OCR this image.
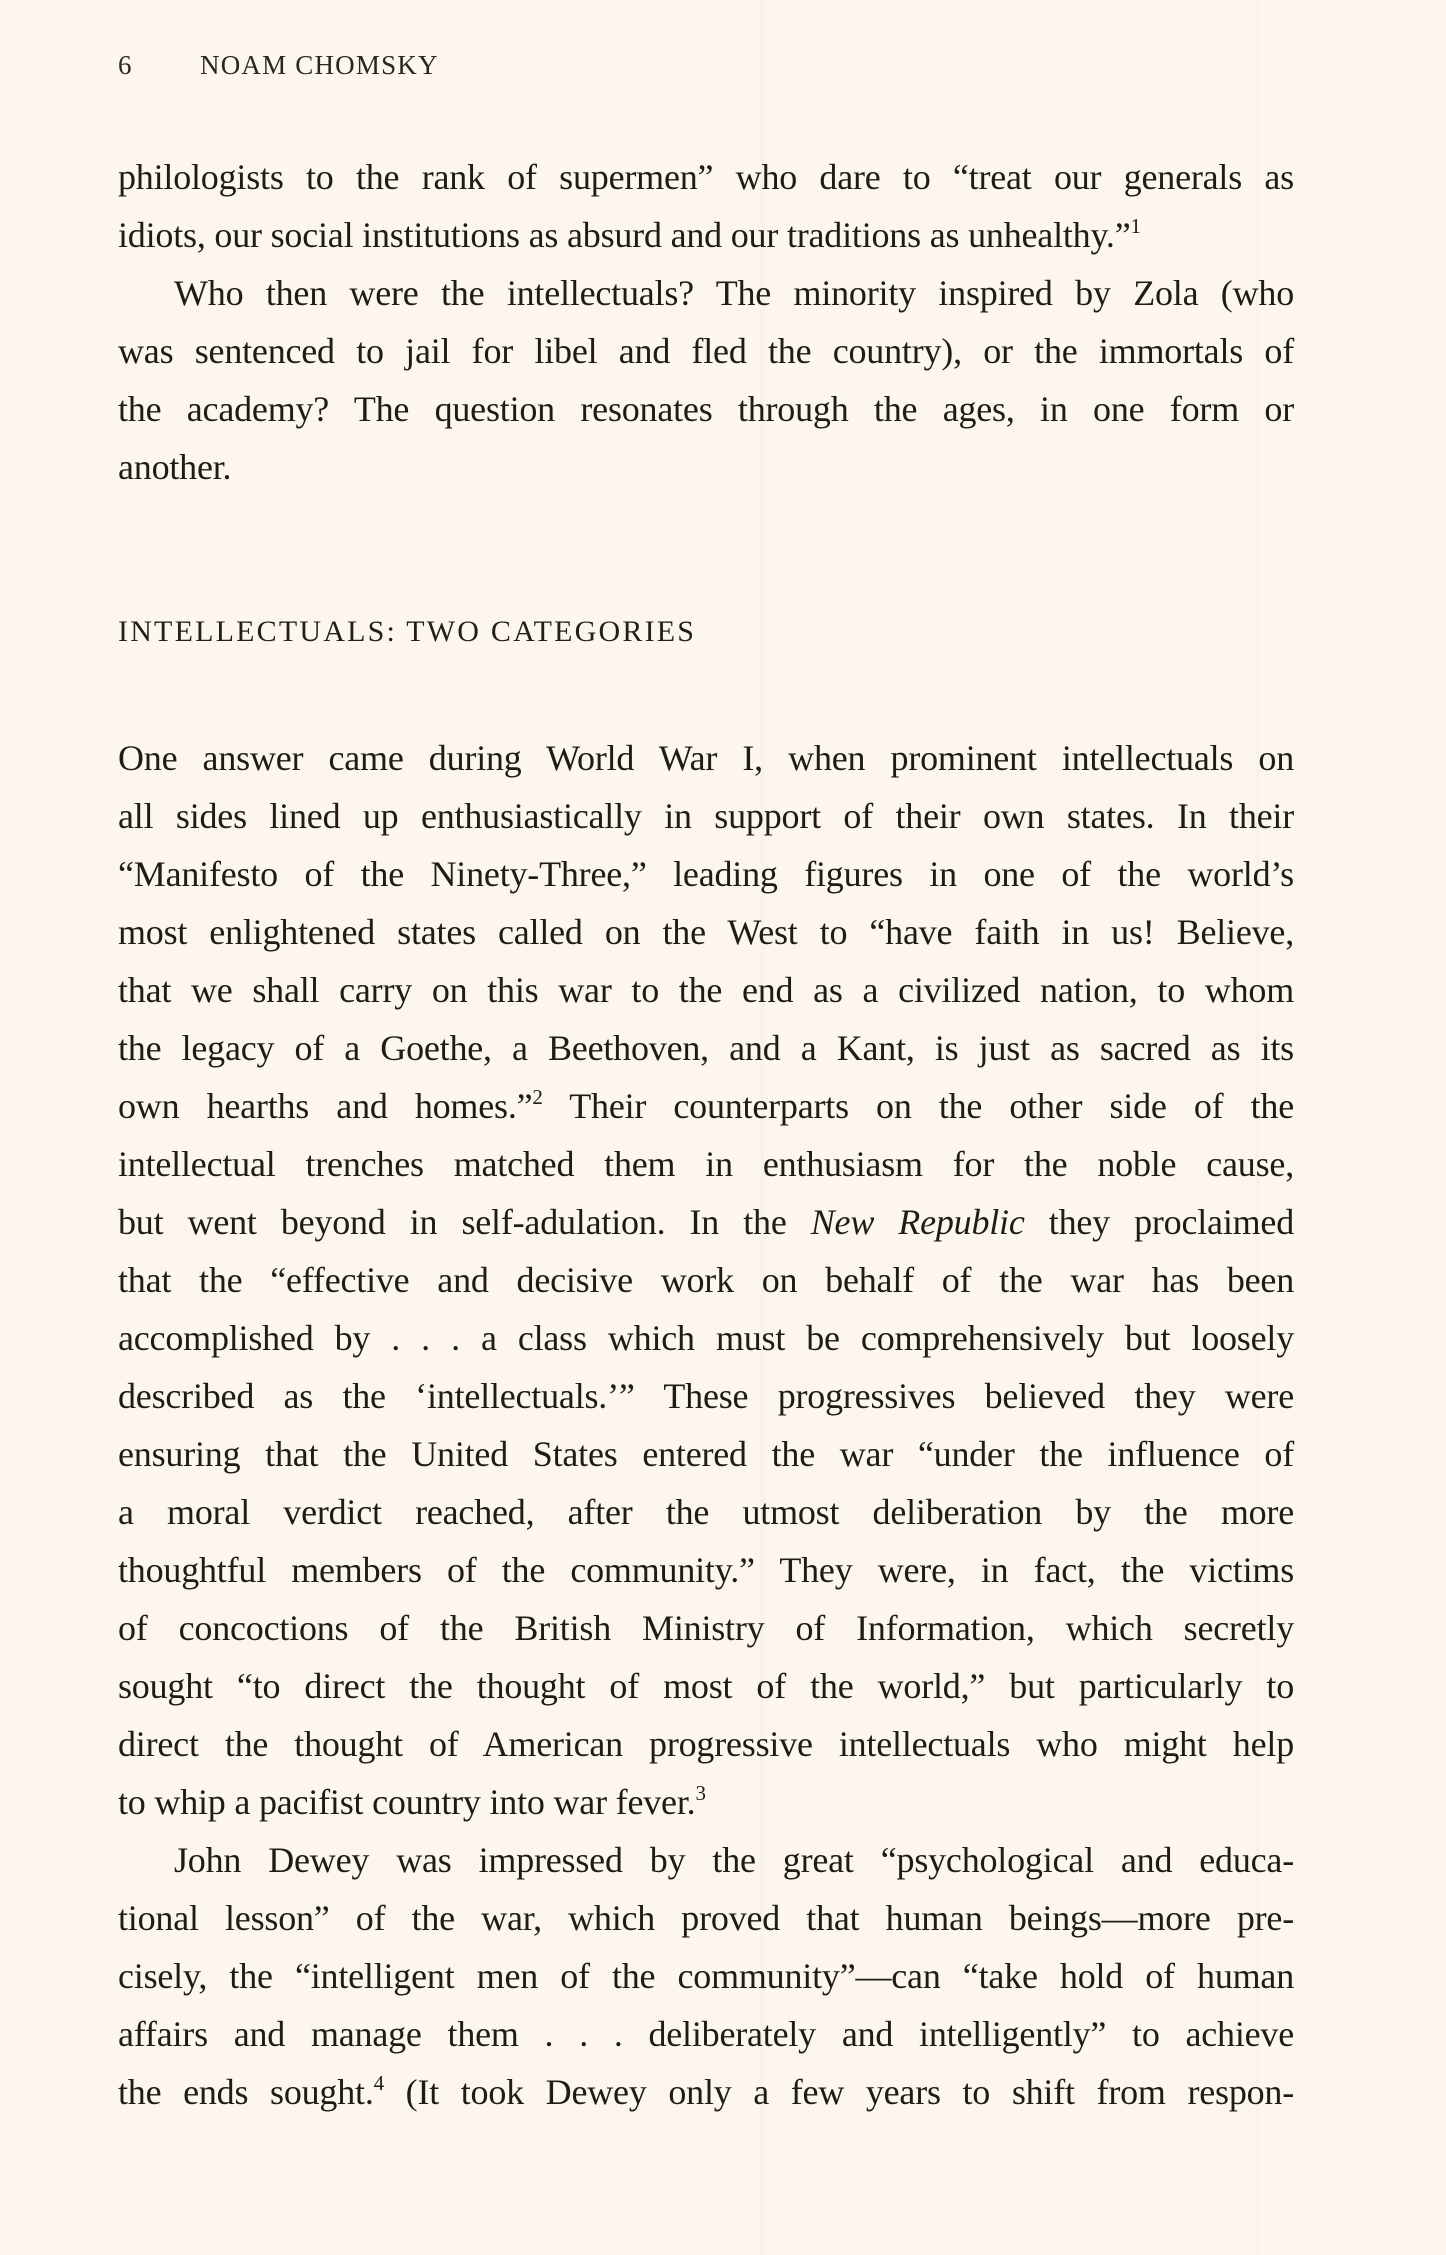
6	NOAM CHOMSKY
philologists to the rank of supermen” who dare to “treat our generals as
idiots, our social institutions as absurd and our traditions as unhealthy.”$^1$
Who then were the intellectuals? The minority inspired by Zola (who
was sentenced to jail for libel and fled the country), or the immortals of
the academy? The question resonates through the ages, in one form or
another.
INTELLECTUALS: TWO CATEGORIES
One answer came during World War I, when prominent intellectuals on
all sides lined up enthusiastically in support of their own states. In their
“Manifesto of the Ninety-Three,” leading figures in one of the world’s
most enlightened states called on the West to “have faith in us! Believe,
that we shall carry on this war to the end as a civilized nation, to whom
the legacy of a Goethe, a Beethoven, and a Kant, is just as sacred as its
own hearths and homes.”$^2$ Their counterparts on the other side of the
intellectual trenches matched them in enthusiasm for the noble cause,
but went beyond in self-adulation. In the New Republic they proclaimed
that the “effective and decisive work on behalf of the war has been
accomplished by . . . a class which must be comprehensively but loosely
described as the ‘intellectuals.’” These progressives believed they were
ensuring that the United States entered the war “under the influence of
a moral verdict reached, after the utmost deliberation by the more
thoughtful members of the community.” They were, in fact, the victims
of concoctions of the British Ministry of Information, which secretly
sought “to direct the thought of most of the world,” but particularly to
direct the thought of American progressive intellectuals who might help
to whip a pacifist country into war fever.$^3$
John Dewey was impressed by the great “psychological and educa-
tional lesson” of the war, which proved that human beings—more pre-
cisely, the “intelligent men of the community”—can “take hold of human
affairs and manage them . . . deliberately and intelligently” to achieve
the ends sought.$^4$ (It took Dewey only a few years to shift from respon-
